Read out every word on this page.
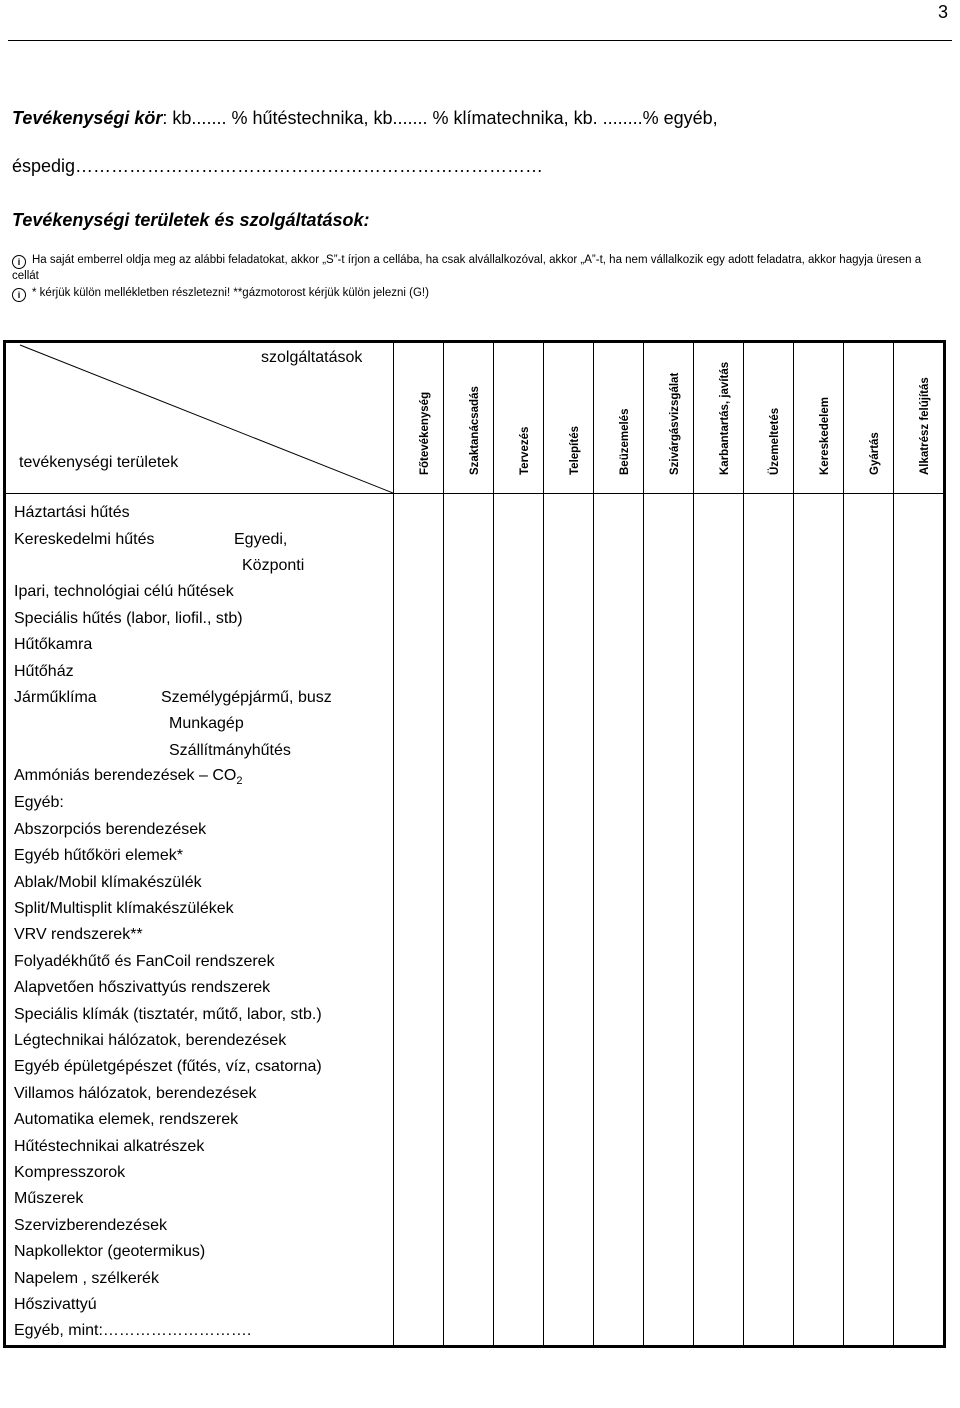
3
Tevékenységi kör: kb....... % hűtéstechnika, kb....... % klímatechnika, kb. ........% egyéb,
éspedig……………………………………………………………………
Tevékenységi területek és szolgáltatások:
i Ha saját emberrel oldja meg az alábbi feladatokat, akkor „S”-t írjon a cellába, ha csak alvállalkozóval, akkor „A”-t, ha nem vállalkozik egy adott feladatra, akkor hagyja üresen a cellát
i * kérjük külön mellékletben részletezni! **gázmotorost kérjük külön jelezni (G!)
szolgáltatások
tevékenységi területek	Főtevékenység	Szaktanácsadás	Tervezés	Telepítés	Beüzemelés	Szivárgásvizsgálat	Karbantartás, javítás	Üzemeltetés	Kereskedelem	Gyártás	Alkatrész felújítás

Háztartási hűtés											
Kereskedelmi hűtés Egyedi,											

Központi											
Ipari, technológiai célú hűtések											
Speciális hűtés (labor, liofil., stb)											
Hűtőkamra											
Hűtőház											
Járműklíma Személygépjármű, busz											

Munkagép											
Szállítmányhűtés											
Ammóniás berendezések – $CO_2$
Egyéb:											
Abszorpciós berendezések											
Egyéb hűtőköri elemek*											
Ablak/Mobil klímakészülék											
Split/Multisplit klímakészülékek											
VRV rendszerek**											
Folyadékhűtő és FanCoil rendszerek											
Alapvetően hőszivattyús rendszerek											
Speciális klímák (tisztatér, műtő, labor, stb.)											
Légtechnikai hálózatok, berendezések											
Egyéb épületgépészet (fűtés, víz, csatorna)											
Villamos hálózatok, berendezések											
Automatika elemek, rendszerek											
Hűtéstechnikai alkatrészek											
Kompresszorok											
Műszerek											
Szervizberendezések											
Napkollektor (geotermikus)											
Napelem , szélkerék											
Hőszivattyú											
Egyéb, mint:……………………….											
